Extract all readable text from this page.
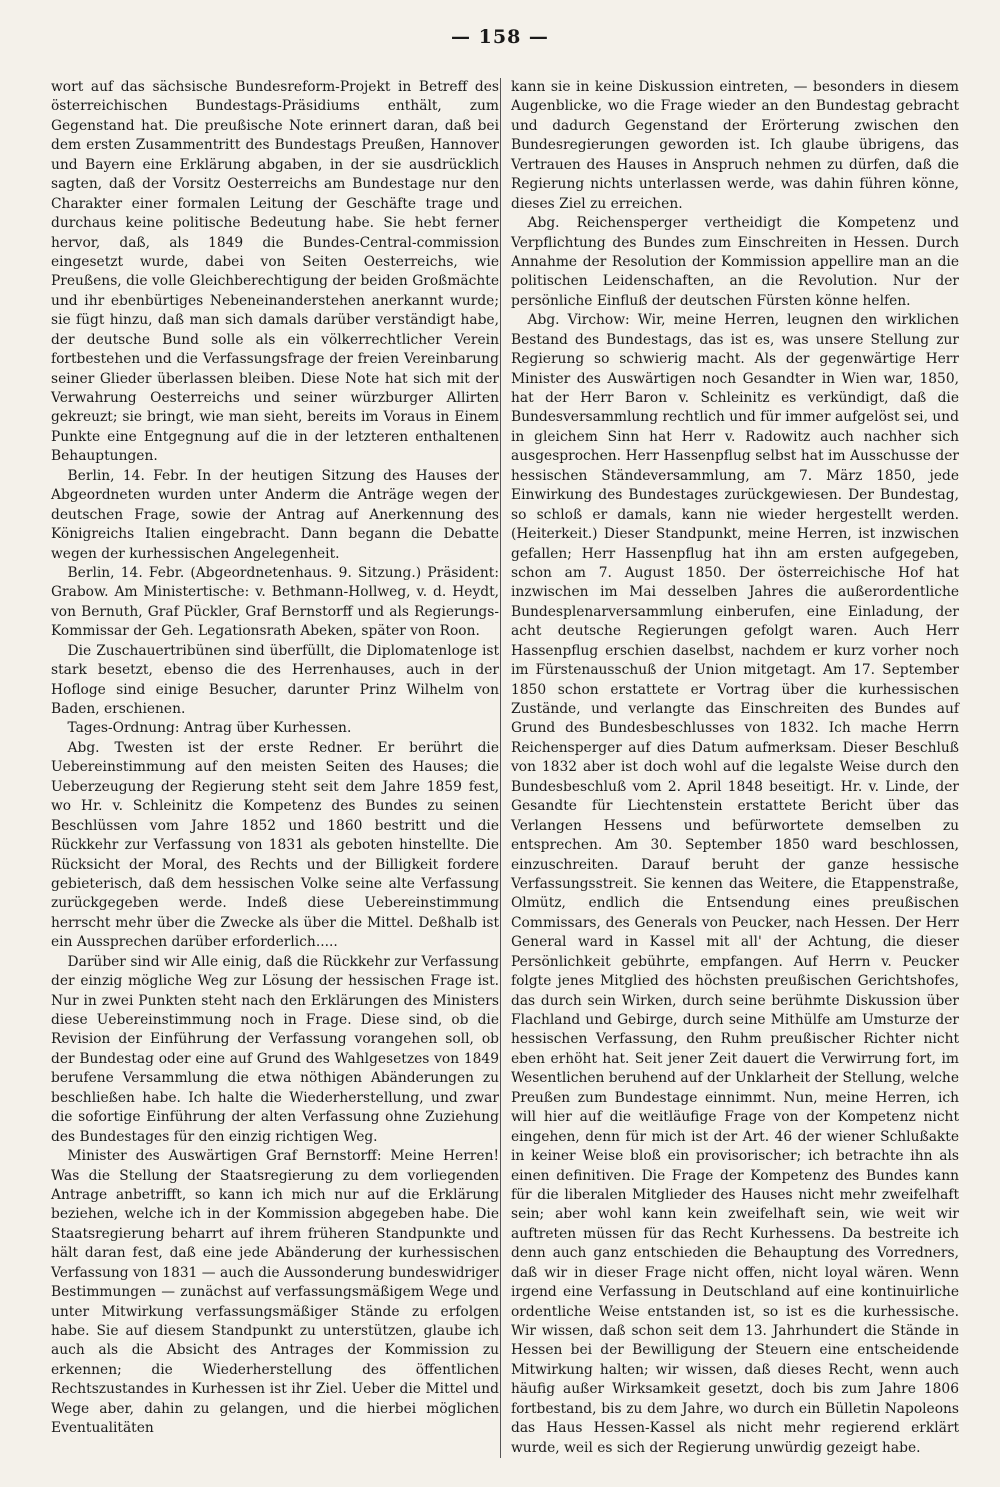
— 158 —

wort auf das sächsische Bundesreform-Projekt in Betreff des österreichischen Bundestags-Präsidiums enthält, zum Gegenstand hat. Die preußische Note erinnert daran, daß bei dem ersten Zusammentritt des Bundestags Preußen, Hannover und Bayern eine Erklärung abgaben, in der sie ausdrücklich sagten, daß der Vorsitz Oesterreichs am Bundestage nur den Charakter einer formalen Leitung der Geschäfte trage und durchaus keine politische Bedeutung habe. Sie hebt ferner hervor, daß, als 1849 die Bundes-Central-commission eingesetzt wurde, dabei von Seiten Oesterreichs, wie Preußens, die volle Gleichberechtigung der beiden Großmächte und ihr ebenbürtiges Nebeneinanderstehen anerkannt wurde; sie fügt hinzu, daß man sich damals darüber verständigt habe, der deutsche Bund solle als ein völkerrechtlicher Verein fortbestehen und die Verfassungsfrage der freien Vereinbarung seiner Glieder überlassen bleiben. Diese Note hat sich mit der Verwahrung Oesterreichs und seiner würzburger Allirten gekreuzt; sie bringt, wie man sieht, bereits im Voraus in Einem Punkte eine Entgegnung auf die in der letzteren enthaltenen Behauptungen.

Berlin, 14. Febr. In der heutigen Sitzung des Hauses der Abgeordneten wurden unter Anderm die Anträge wegen der deutschen Frage, sowie der Antrag auf Anerkennung des Königreichs Italien eingebracht. Dann begann die Debatte wegen der kurhessischen Angelegenheit.

Berlin, 14. Febr. (Abgeordnetenhaus. 9. Sitzung.) Präsident: Grabow. Am Ministertische: v. Bethmann-Hollweg, v. d. Heydt, von Bernuth, Graf Pückler, Graf Bernstorff und als Regierungs-Kommissar der Geh. Legationsrath Abeken, später von Roon.

Die Zuschauertribünen sind überfüllt, die Diplomatenloge ist stark besetzt, ebenso die des Herrenhauses, auch in der Hofloge sind einige Besucher, darunter Prinz Wilhelm von Baden, erschienen.

Tages-Ordnung: Antrag über Kurhessen.

Abg. Twesten ist der erste Redner. Er berührt die Uebereinstimmung auf den meisten Seiten des Hauses; die Ueberzeugung der Regierung steht seit dem Jahre 1859 fest, wo Hr. v. Schleinitz die Kompetenz des Bundes zu seinen Beschlüssen vom Jahre 1852 und 1860 bestritt und die Rückkehr zur Verfassung von 1831 als geboten hinstellte. Die Rücksicht der Moral, des Rechts und der Billigkeit fordere gebieterisch, daß dem hessischen Volke seine alte Verfassung zurückgegeben werde. Indeß diese Uebereinstimmung herrscht mehr über die Zwecke als über die Mittel. Deßhalb ist ein Aussprechen darüber erforderlich.....

Darüber sind wir Alle einig, daß die Rückkehr zur Verfassung der einzig mögliche Weg zur Lösung der hessischen Frage ist. Nur in zwei Punkten steht nach den Erklärungen des Ministers diese Uebereinstimmung noch in Frage. Diese sind, ob die Revision der Einführung der Verfassung vorangehen soll, ob der Bundestag oder eine auf Grund des Wahlgesetzes von 1849 berufene Versammlung die etwa nöthigen Abänderungen zu beschließen habe. Ich halte die Wiederherstellung, und zwar die sofortige Einführung der alten Verfassung ohne Zuziehung des Bundestages für den einzig richtigen Weg.

Minister des Auswärtigen Graf Bernstorff: Meine Herren! Was die Stellung der Staatsregierung zu dem vorliegenden Antrage anbetrifft, so kann ich mich nur auf die Erklärung beziehen, welche ich in der Kommission abgegeben habe. Die Staatsregierung beharrt auf ihrem früheren Standpunkte und hält daran fest, daß eine jede Abänderung der kurhessischen Verfassung von 1831 — auch die Aussonderung bundeswidriger Bestimmungen — zunächst auf verfassungsmäßigem Wege und unter Mitwirkung verfassungsmäßiger Stände zu erfolgen habe. Sie auf diesem Standpunkt zu unterstützen, glaube ich auch als die Absicht des Antrages der Kommission zu erkennen; die Wiederherstellung des öffentlichen Rechtszustandes in Kurhessen ist ihr Ziel. Ueber die Mittel und Wege aber, dahin zu gelangen, und die hierbei möglichen Eventualitäten

kann sie in keine Diskussion eintreten, — besonders in diesem Augenblicke, wo die Frage wieder an den Bundestag gebracht und dadurch Gegenstand der Erörterung zwischen den Bundesregierungen geworden ist. Ich glaube übrigens, das Vertrauen des Hauses in Anspruch nehmen zu dürfen, daß die Regierung nichts unterlassen werde, was dahin führen könne, dieses Ziel zu erreichen.

Abg. Reichensperger vertheidigt die Kompetenz und Verpflichtung des Bundes zum Einschreiten in Hessen. Durch Annahme der Resolution der Kommission appellire man an die politischen Leidenschaften, an die Revolution. Nur der persönliche Einfluß der deutschen Fürsten könne helfen.

Abg. Virchow: Wir, meine Herren, leugnen den wirklichen Bestand des Bundestags, das ist es, was unsere Stellung zur Regierung so schwierig macht. Als der gegenwärtige Herr Minister des Auswärtigen noch Gesandter in Wien war, 1850, hat der Herr Baron v. Schleinitz es verkündigt, daß die Bundesversammlung rechtlich und für immer aufgelöst sei, und in gleichem Sinn hat Herr v. Radowitz auch nachher sich ausgesprochen. Herr Hassenpflug selbst hat im Ausschusse der hessischen Ständeversammlung, am 7. März 1850, jede Einwirkung des Bundestages zurückgewiesen. Der Bundestag, so schloß er damals, kann nie wieder hergestellt werden. (Heiterkeit.) Dieser Standpunkt, meine Herren, ist inzwischen gefallen; Herr Hassenpflug hat ihn am ersten aufgegeben, schon am 7. August 1850. Der österreichische Hof hat inzwischen im Mai desselben Jahres die außerordentliche Bundesplenarversammlung einberufen, eine Einladung, der acht deutsche Regierungen gefolgt waren. Auch Herr Hassenpflug erschien daselbst, nachdem er kurz vorher noch im Fürstenausschuß der Union mitgetagt. Am 17. September 1850 schon erstattete er Vortrag über die kurhessischen Zustände, und verlangte das Einschreiten des Bundes auf Grund des Bundesbeschlusses von 1832. Ich mache Herrn Reichensperger auf dies Datum aufmerksam. Dieser Beschluß von 1832 aber ist doch wohl auf die legalste Weise durch den Bundesbeschluß vom 2. April 1848 beseitigt. Hr. v. Linde, der Gesandte für Liechtenstein erstattete Bericht über das Verlangen Hessens und befürwortete demselben zu entsprechen. Am 30. September 1850 ward beschlossen, einzuschreiten. Darauf beruht der ganze hessische Verfassungsstreit. Sie kennen das Weitere, die Etappenstraße, Olmütz, endlich die Entsendung eines preußischen Commissars, des Generals von Peucker, nach Hessen. Der Herr General ward in Kassel mit all' der Achtung, die dieser Persönlichkeit gebührte, empfangen. Auf Herrn v. Peucker folgte jenes Mitglied des höchsten preußischen Gerichtshofes, das durch sein Wirken, durch seine berühmte Diskussion über Flachland und Gebirge, durch seine Mithülfe am Umsturze der hessischen Verfassung, den Ruhm preußischer Richter nicht eben erhöht hat. Seit jener Zeit dauert die Verwirrung fort, im Wesentlichen beruhend auf der Unklarheit der Stellung, welche Preußen zum Bundestage einnimmt. Nun, meine Herren, ich will hier auf die weitläufige Frage von der Kompetenz nicht eingehen, denn für mich ist der Art. 46 der wiener Schlußakte in keiner Weise bloß ein provisorischer; ich betrachte ihn als einen definitiven. Die Frage der Kompetenz des Bundes kann für die liberalen Mitglieder des Hauses nicht mehr zweifelhaft sein; aber wohl kann kein zweifelhaft sein, wie weit wir auftreten müssen für das Recht Kurhessens. Da bestreite ich denn auch ganz entschieden die Behauptung des Vorredners, daß wir in dieser Frage nicht offen, nicht loyal wären. Wenn irgend eine Verfassung in Deutschland auf eine kontinuirliche ordentliche Weise entstanden ist, so ist es die kurhessische. Wir wissen, daß schon seit dem 13. Jahrhundert die Stände in Hessen bei der Bewilligung der Steuern eine entscheidende Mitwirkung halten; wir wissen, daß dieses Recht, wenn auch häufig außer Wirksamkeit gesetzt, doch bis zum Jahre 1806 fortbestand, bis zu dem Jahre, wo durch ein Bülletin Napoleons das Haus Hessen-Kassel als nicht mehr regierend erklärt wurde, weil es sich der Regierung unwürdig gezeigt habe.
